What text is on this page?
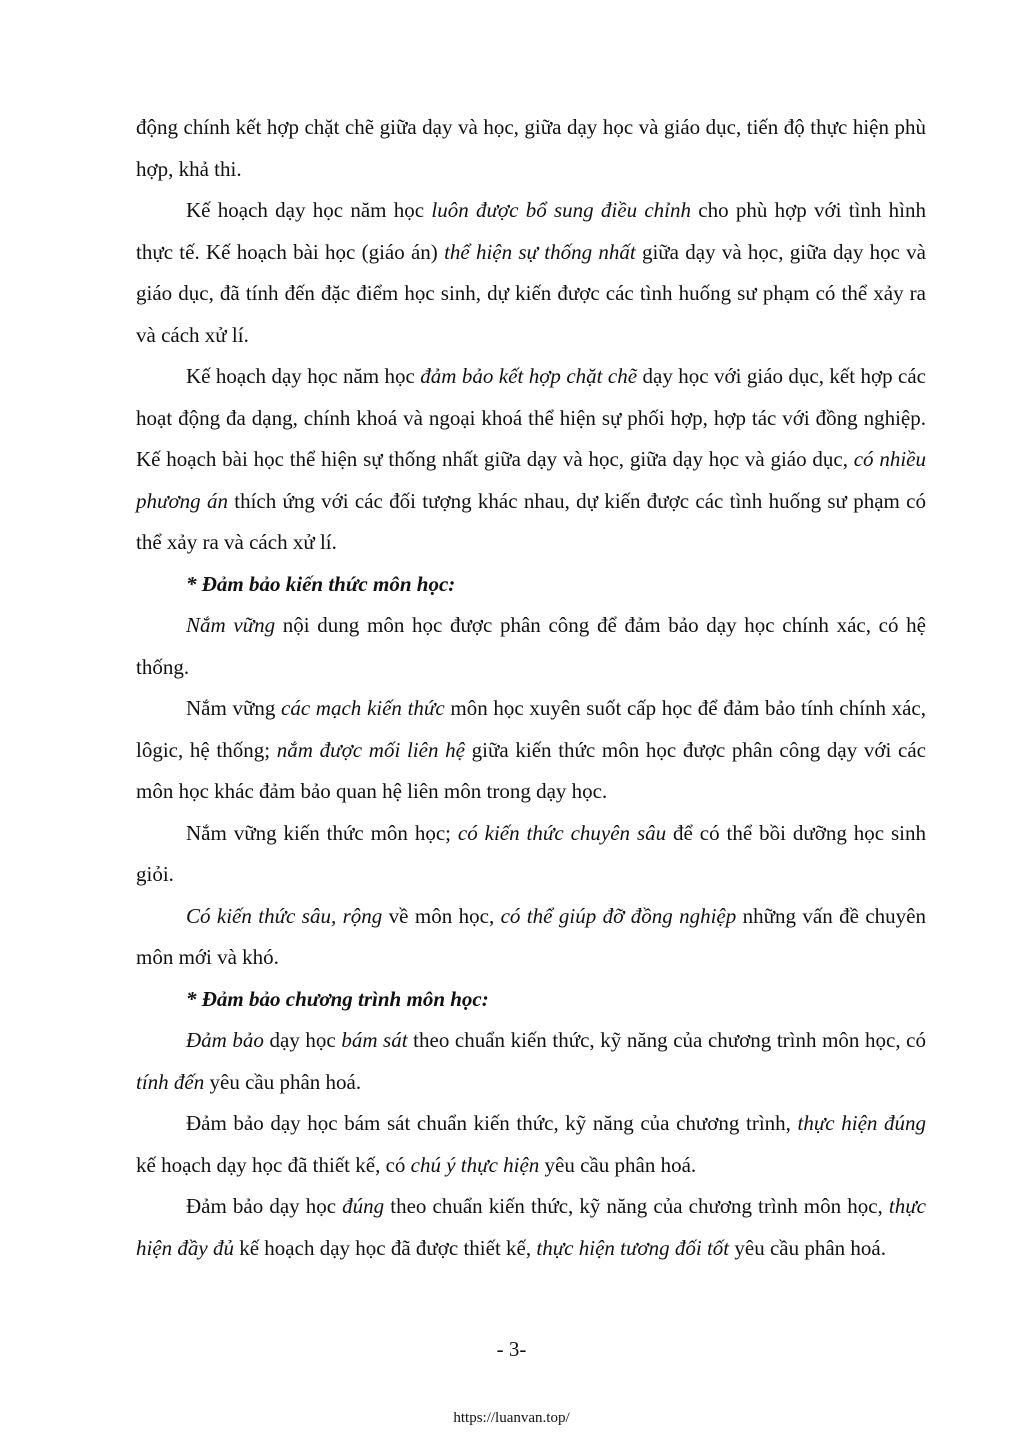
động chính kết hợp chặt chẽ giữa dạy và học, giữa dạy học và giáo dục, tiến độ thực hiện phù hợp, khả thi.

Kế hoạch dạy học năm học luôn được bổ sung điều chỉnh cho phù hợp với tình hình thực tế. Kế hoạch bài học (giáo án) thể hiện sự thống nhất giữa dạy và học, giữa dạy học và giáo dục, đã tính đến đặc điểm học sinh, dự kiến được các tình huống sư phạm có thể xảy ra và cách xử lí.

Kế hoạch dạy học năm học đảm bảo kết hợp chặt chẽ dạy học với giáo dục, kết hợp các hoạt động đa dạng, chính khoá và ngoại khoá thể hiện sự phối hợp, hợp tác với đồng nghiệp. Kế hoạch bài học thể hiện sự thống nhất giữa dạy và học, giữa dạy học và giáo dục, có nhiều phương án thích ứng với các đối tượng khác nhau, dự kiến được các tình huống sư phạm có thể xảy ra và cách xử lí.

* Đảm bảo kiến thức môn học:

Nắm vững nội dung môn học được phân công để đảm bảo dạy học chính xác, có hệ thống.

Nắm vững các mạch kiến thức môn học xuyên suốt cấp học để đảm bảo tính chính xác, lôgic, hệ thống; nắm được mối liên hệ giữa kiến thức môn học được phân công dạy với các môn học khác đảm bảo quan hệ liên môn trong dạy học.

Nắm vững kiến thức môn học; có kiến thức chuyên sâu để có thể bồi dưỡng học sinh giỏi.

Có kiến thức sâu, rộng về môn học, có thể giúp đỡ đồng nghiệp những vấn đề chuyên môn mới và khó.

* Đảm bảo chương trình môn học:

Đảm bảo dạy học bám sát theo chuẩn kiến thức, kỹ năng của chương trình môn học, có tính đến yêu cầu phân hoá.

Đảm bảo dạy học bám sát chuẩn kiến thức, kỹ năng của chương trình, thực hiện đúng kế hoạch dạy học đã thiết kế, có chú ý thực hiện yêu cầu phân hoá.

Đảm bảo dạy học đúng theo chuẩn kiến thức, kỹ năng của chương trình môn học, thực hiện đầy đủ kế hoạch dạy học đã được thiết kế, thực hiện tương đối tốt yêu cầu phân hoá.

- 3-
https://luanvan.top/
